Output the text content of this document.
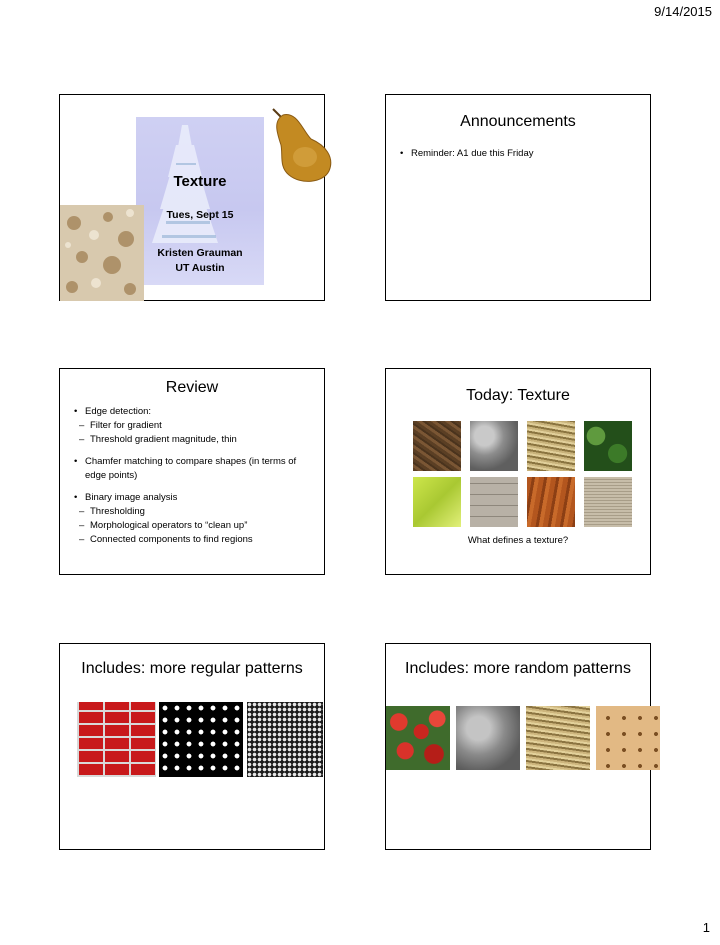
9/14/2015
Texture
Tues, Sept 15
Kristen Grauman
UT Austin
Announcements
• Reminder: A1 due this Friday
Review
• Edge detection:
– Filter for gradient
– Threshold gradient magnitude, thin
• Chamfer matching to compare shapes (in terms of edge points)
• Binary image analysis
– Thresholding
– Morphological operators to “clean up”
– Connected components to find regions
Today: Texture
What defines a texture?
Includes: more regular patterns	Includes: more random patterns
1
